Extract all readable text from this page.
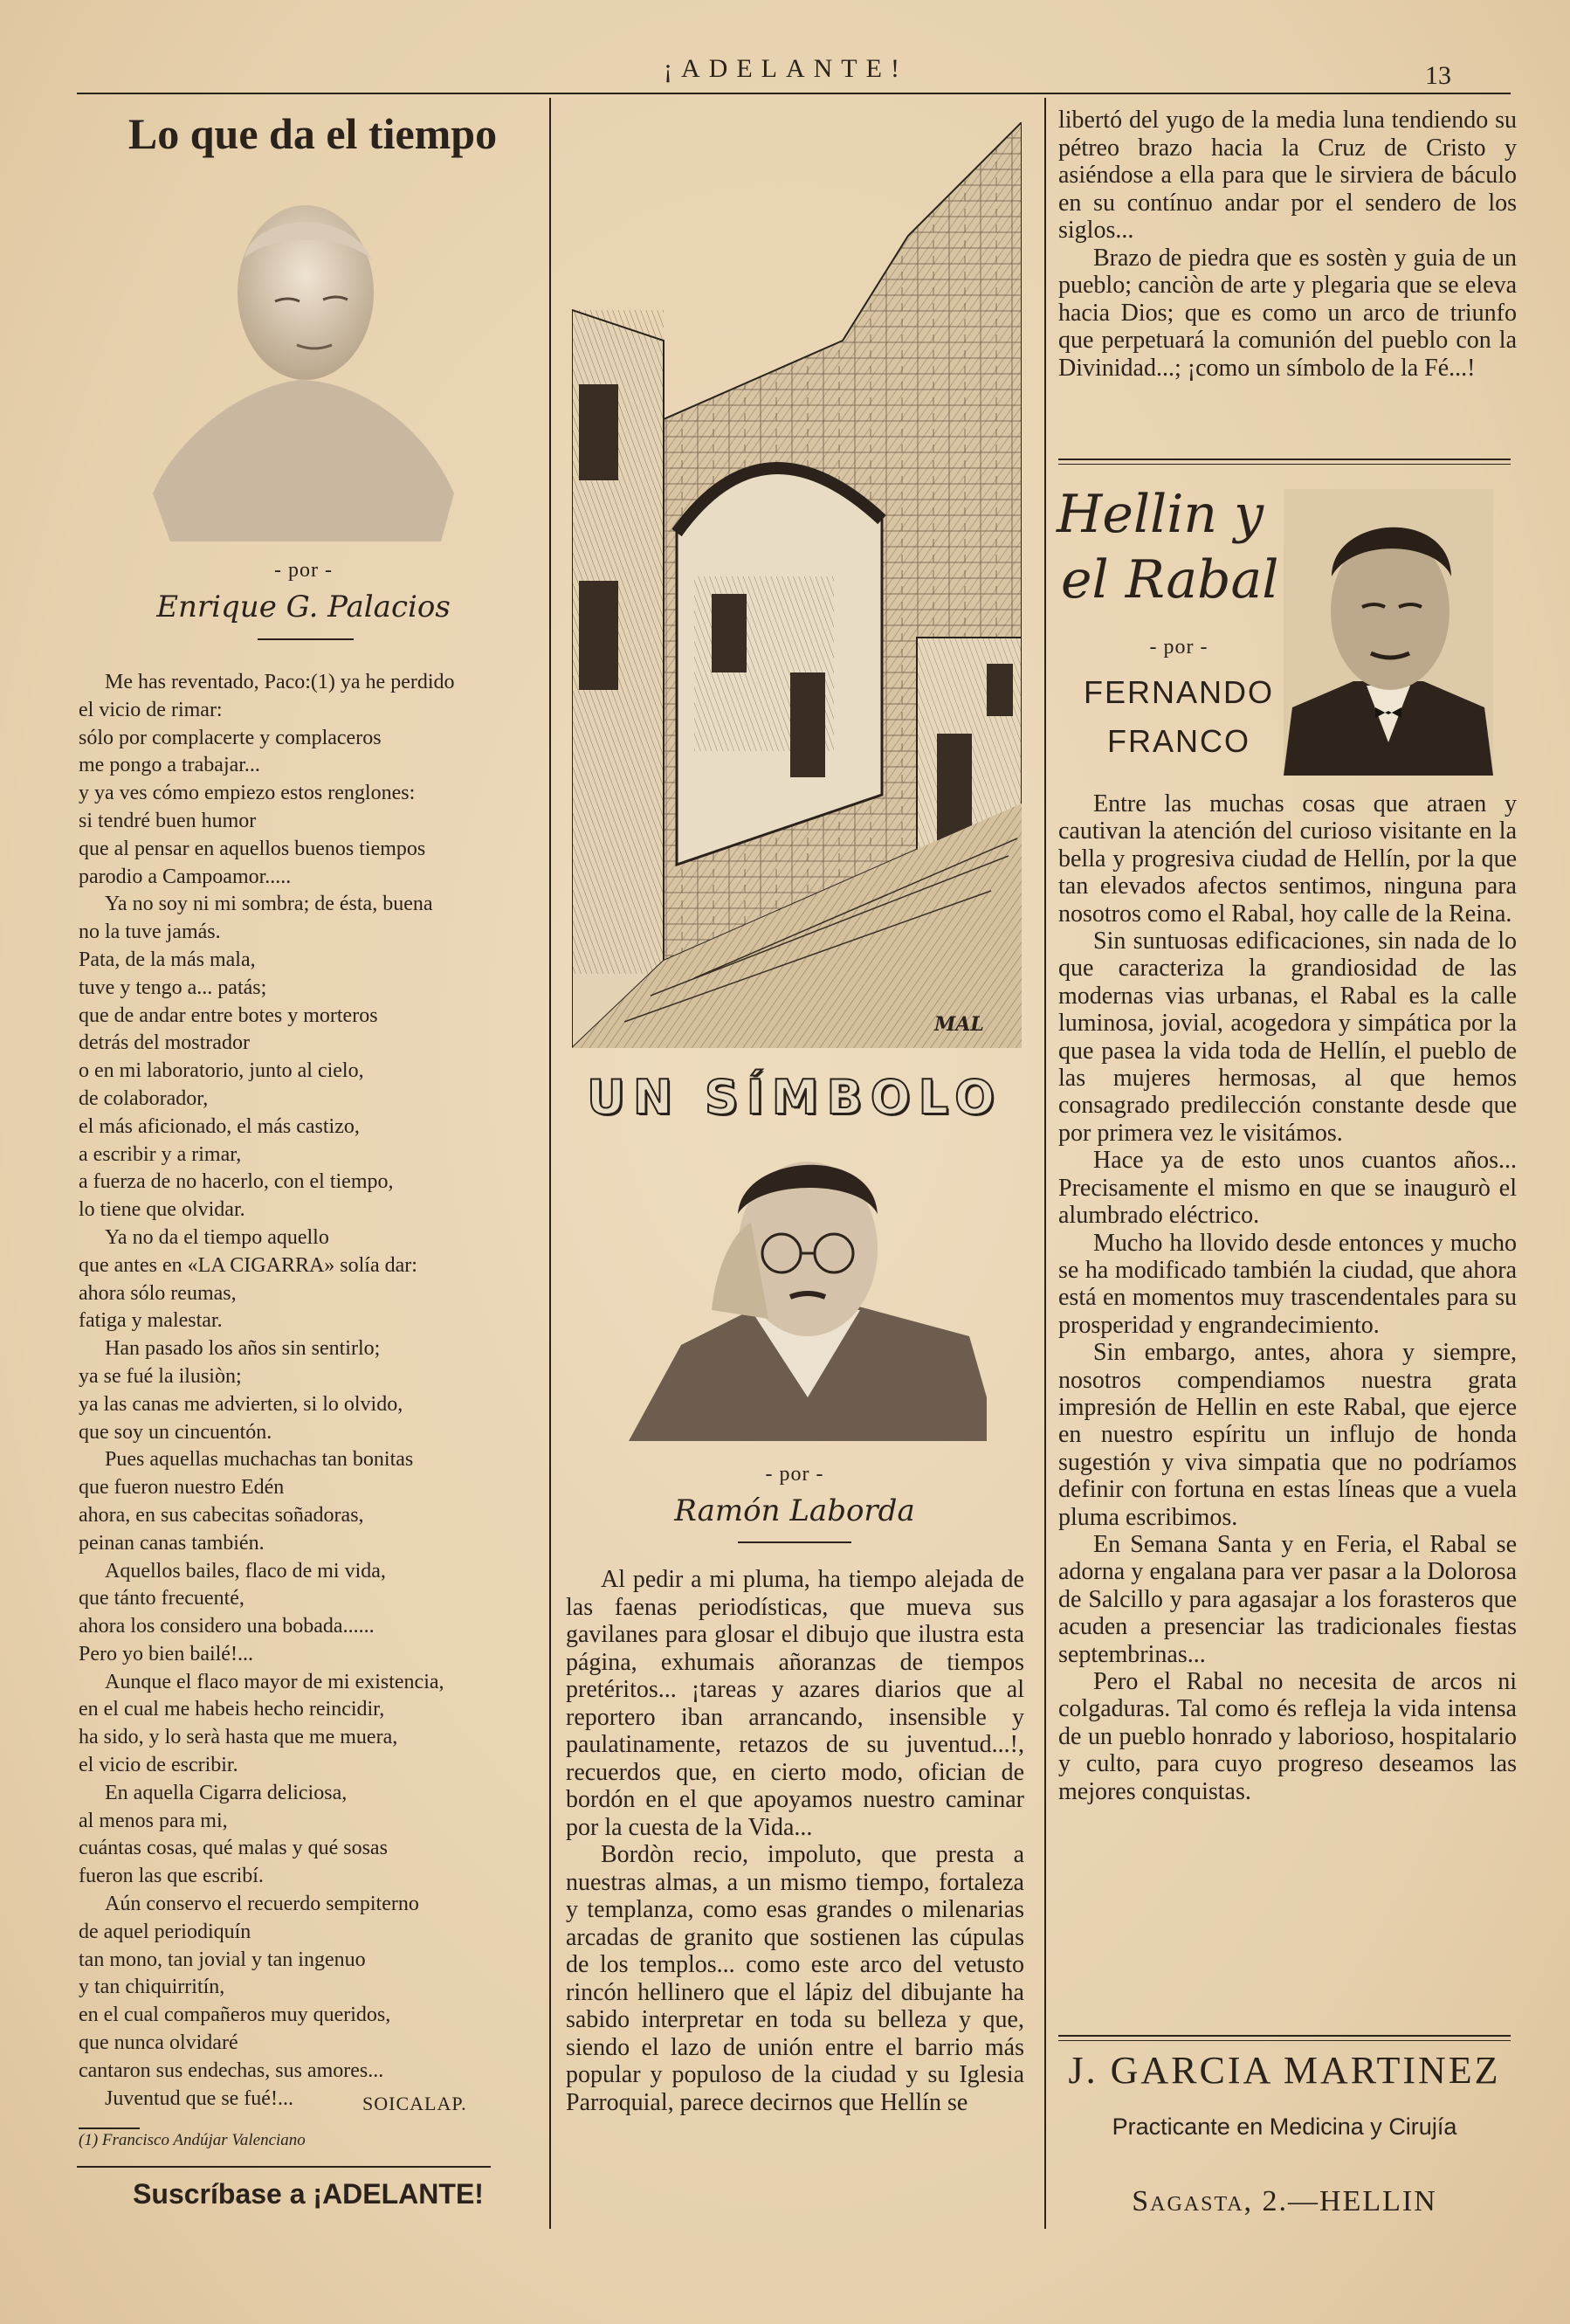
¡ADELANTE!	13
Lo que da el tiempo
- por -
Enrique G. Palacios
Me has reventado, Paco:(1) ya he perdido
el vicio de rimar:
sólo por complacerte y complaceros
me pongo a trabajar...
y ya ves cómo empiezo estos renglones:
si tendré buen humor
que al pensar en aquellos buenos tiempos
parodio a Campoamor.....
Ya no soy ni mi sombra; de ésta, buena
no la tuve jamás.
Pata, de la más mala,
tuve y tengo a... patás;
que de andar entre botes y morteros
detrás del mostrador
o en mi laboratorio, junto al cielo,
de colaborador,
el más aficionado, el más castizo,
a escribir y a rimar,
a fuerza de no hacerlo, con el tiempo,
lo tiene que olvidar.
Ya no da el tiempo aquello
que antes en «LA CIGARRA» solía dar:
ahora sólo reumas,
fatiga y malestar.
Han pasado los años sin sentirlo;
ya se fué la ilusiòn;
ya las canas me advierten, si lo olvido,
que soy un cincuentón.
Pues aquellas muchachas tan bonitas
que fueron nuestro Edén
ahora, en sus cabecitas soñadoras,
peinan canas también.
Aquellos bailes, flaco de mi vida,
que tánto frecuenté,
ahora los considero una bobada......
Pero yo bien bailé!...
Aunque el flaco mayor de mi existencia,
en el cual me habeis hecho reincidir,
ha sido, y lo serà hasta que me muera,
el vicio de escribir.
En aquella Cigarra deliciosa,
al menos para mi,
cuántas cosas, qué malas y qué sosas
fueron las que escribí.
Aún conservo el recuerdo sempiterno
de aquel periodiquín
tan mono, tan jovial y tan ingenuo
y tan chiquirritín,
en el cual compañeros muy queridos,
que nunca olvidaré
cantaron sus endechas, sus amores...
Juventud que se fué!...	SOICALAP.
(1) Francisco Andújar Valenciano
Suscríbase a ¡ADELANTE!
MAL
UN SÍMBOLO
- por -
Ramón Laborda

Al pedir a mi pluma, ha tiempo alejada de las faenas periodísticas, que mueva sus gavilanes para glosar el dibujo que ilustra esta página, exhumais añoranzas de tiempos pretéritos... ¡tareas y azares diarios que al reportero iban arrancando, insensible y paulatinamente, retazos de su juventud...!, recuerdos que, en cierto modo, ofician de bordón en el que apoyamos nuestro caminar por la cuesta de la Vida...

Bordòn recio, impoluto, que presta a nuestras almas, a un mismo tiempo, fortaleza y templanza, como esas grandes o milenarias arcadas de granito que sostienen las cúpulas de los templos... como este arco del vetusto rincón hellinero que el lápiz del dibujante ha sabido interpretar en toda su belleza y que, siendo el lazo de unión entre el barrio más popular y populoso de la ciudad y su Iglesia Parroquial, parece decirnos que Hellín se

libertó del yugo de la media luna tendiendo su pétreo brazo hacia la Cruz de Cristo y asiéndose a ella para que le sirviera de báculo en su contínuo andar por el sendero de los siglos...

Brazo de piedra que es sostèn y guia de un pueblo; canciòn de arte y plegaria que se eleva hacia Dios; que es como un arco de triunfo que perpetuará la comunión del pueblo con la Divinidad...; ¡como un símbolo de la Fé...!

Hellin y
el Rabal
- por -
FERNANDO
FRANCO

Entre las muchas cosas que atraen y cautivan la atención del curioso visitante en la bella y progresiva ciudad de Hellín, por la que tan elevados afectos sentimos, ninguna para nosotros como el Rabal, hoy calle de la Reina.

Sin suntuosas edificaciones, sin nada de lo que caracteriza la grandiosidad de las modernas vias urbanas, el Rabal es la calle luminosa, jovial, acogedora y simpática por la que pasea la vida toda de Hellín, el pueblo de las mujeres hermosas, al que hemos consagrado predilección constante desde que por primera vez le visitámos.

Hace ya de esto unos cuantos años... Precisamente el mismo en que se inaugurò el alumbrado eléctrico.

Mucho ha llovido desde entonces y mucho se ha modificado también la ciudad, que ahora está en momentos muy trascendentales para su prosperidad y engrandecimiento.

Sin embargo, antes, ahora y siempre, nosotros compendiamos nuestra grata impresión de Hellin en este Rabal, que ejerce en nuestro espíritu un influjo de honda sugestión y viva simpatia que no podríamos definir con fortuna en estas líneas que a vuela pluma escribimos.

En Semana Santa y en Feria, el Rabal se adorna y engalana para ver pasar a la Dolorosa de Salcillo y para agasajar a los forasteros que acuden a presenciar las tradicionales fiestas septembrinas...

Pero el Rabal no necesita de arcos ni colgaduras. Tal como és refleja la vida intensa de un pueblo honrado y laborioso, hospitalario y culto, para cuyo progreso deseamos las mejores conquistas.

J. GARCIA MARTINEZ
Practicante en Medicina y Cirujía
Sagasta, 2.—HELLIN
